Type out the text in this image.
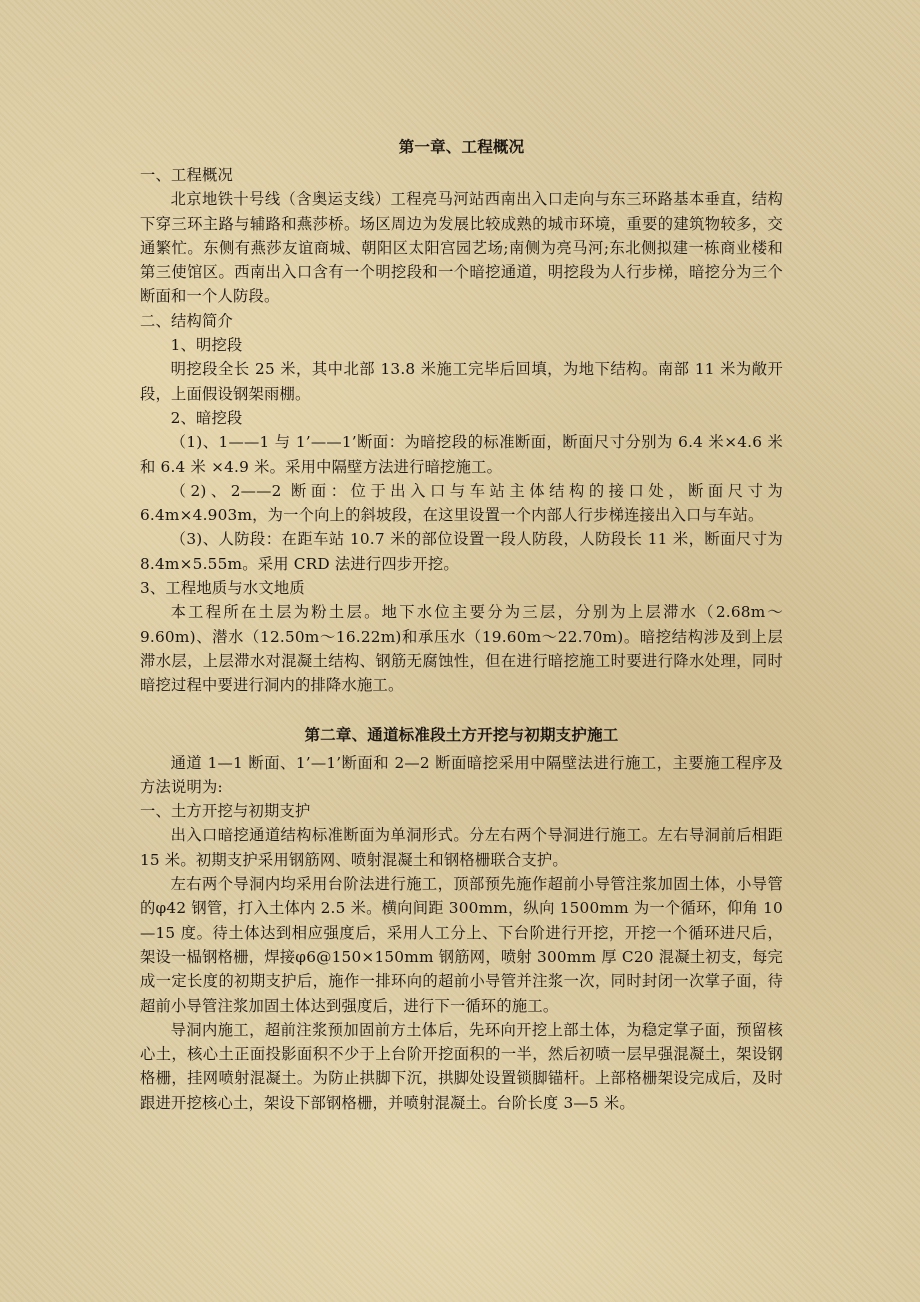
第一章、工程概况

一、工程概况

北京地铁十号线（含奥运支线）工程亮马河站西南出入口走向与东三环路基本垂直，结构下穿三环主路与辅路和燕莎桥。场区周边为发展比较成熟的城市环境，重要的建筑物较多，交通繁忙。东侧有燕莎友谊商城、朝阳区太阳宫园艺场;南侧为亮马河;东北侧拟建一栋商业楼和第三使馆区。西南出入口含有一个明挖段和一个暗挖通道，明挖段为人行步梯，暗挖分为三个断面和一个人防段。

二、结构简介

1、明挖段

明挖段全长 25 米，其中北部 13.8 米施工完毕后回填，为地下结构。南部 11 米为敞开段，上面假设钢架雨棚。

2、暗挖段

（1)、1——1 与 1’——1’断面：为暗挖段的标准断面，断面尺寸分别为 6.4 米×4.6 米和 6.4 米 ×4.9 米。采用中隔壁方法进行暗挖施工。

（2)、2——2 断面：位于出入口与车站主体结构的接口处，断面尺寸为 6.4m×4.903m，为一个向上的斜坡段，在这里设置一个内部人行步梯连接出入口与车站。

（3)、人防段：在距车站 10.7 米的部位设置一段人防段，人防段长 11 米，断面尺寸为 8.4m×5.55m。采用 CRD 法进行四步开挖。

3、工程地质与水文地质

本工程所在土层为粉土层。地下水位主要分为三层，分别为上层滞水（2.68m～9.60m)、潜水（12.50m～16.22m)和承压水（19.60m～22.70m)。暗挖结构涉及到上层滞水层，上层滞水对混凝土结构、钢筋无腐蚀性，但在进行暗挖施工时要进行降水处理，同时暗挖过程中要进行洞内的排降水施工。

第二章、通道标准段土方开挖与初期支护施工

通道 1—1 断面、1’—1’断面和 2—2 断面暗挖采用中隔壁法进行施工，主要施工程序及方法说明为:

一、土方开挖与初期支护

出入口暗挖通道结构标准断面为单洞形式。分左右两个导洞进行施工。左右导洞前后相距 15 米。初期支护采用钢筋网、喷射混凝土和钢格栅联合支护。

左右两个导洞内均采用台阶法进行施工，顶部预先施作超前小导管注浆加固土体，小导管的φ42 钢管，打入土体内 2.5 米。横向间距 300mm，纵向 1500mm 为一个循环，仰角 10—15 度。待土体达到相应强度后，采用人工分上、下台阶进行开挖，开挖一个循环进尺后，架设一榀钢格栅，焊接φ6@150×150mm 钢筋网，喷射 300mm 厚 C20 混凝土初支，每完成一定长度的初期支护后，施作一排环向的超前小导管并注浆一次，同时封闭一次掌子面，待超前小导管注浆加固土体达到强度后，进行下一循环的施工。

导洞内施工，超前注浆预加固前方土体后，先环向开挖上部土体，为稳定掌子面，预留核心土，核心土正面投影面积不少于上台阶开挖面积的一半，然后初喷一层早强混凝土，架设钢格栅，挂网喷射混凝土。为防止拱脚下沉，拱脚处设置锁脚锚杆。上部格栅架设完成后，及时跟进开挖核心土，架设下部钢格栅，并喷射混凝土。台阶长度 3—5 米。
